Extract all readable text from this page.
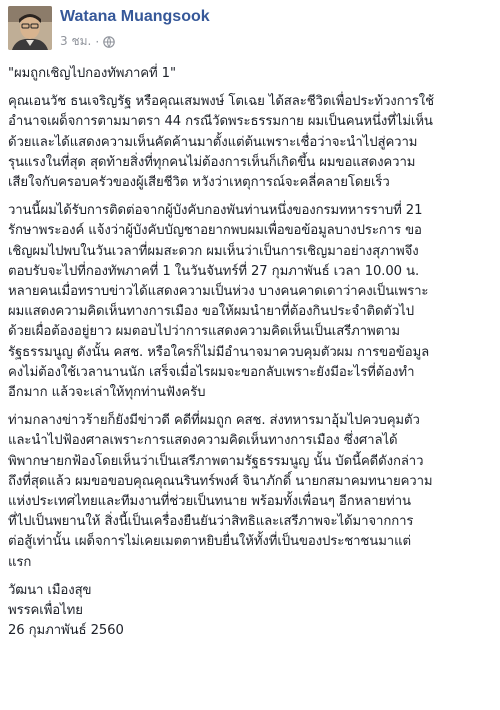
Watana Muangsook
3 ชม. ·

"ผมถูกเชิญไปกองทัพภาคที่ 1"

คุณเอนวัช ธนเจริญรัฐ หรือคุณเสมพงษ์ โตเฉย ได้สละชีวิตเพื่อประท้วงการใช้
อำนาจเผด็จการตามมาตรา 44 กรณีวัดพระธรรมกาย ผมเป็นคนหนึ่งที่ไม่เห็น
ด้วยและได้แสดงความเห็นคัดค้านมาตั้งแต่ต้นเพราะเชื่อว่าจะนำไปสู่ความ
รุนแรงในที่สุด สุดท้ายสิ่งที่ทุกคนไม่ต้องการเห็นก็เกิดขึ้น ผมขอแสดงความ
เสียใจกับครอบครัวของผู้เสียชีวิต หวังว่าเหตุการณ์จะคลี่คลายโดยเร็ว

วานนี้ผมได้รับการติดต่อจากผู้บังคับกองพันท่านหนึ่งของกรมทหารราบที่ 21
รักษาพระองค์ แจ้งว่าผู้บังคับบัญชาอยากพบผมเพื่อขอข้อมูลบางประการ ขอ
เชิญผมไปพบในวันเวลาที่ผมสะดวก ผมเห็นว่าเป็นการเชิญมาอย่างสุภาพจึง
ตอบรับจะไปที่กองทัพภาคที่ 1 ในวันจันทร์ที่ 27 กุมภาพันธ์ เวลา 10.00 น.
หลายคนเมื่อทราบข่าวได้แสดงความเป็นห่วง บางคนคาดเดาว่าคงเป็นเพราะ
ผมแสดงความคิดเห็นทางการเมือง ขอให้ผมนำยาที่ต้องกินประจำติดตัวไป
ด้วยเผื่อต้องอยู่ยาว ผมตอบไปว่าการแสดงความคิดเห็นเป็นเสรีภาพตาม
รัฐธรรมนูญ ดังนั้น คสช. หรือใครก็ไม่มีอำนาจมาควบคุมตัวผม การขอข้อมูล
คงไม่ต้องใช้เวลานานนัก เสร็จเมื่อไรผมจะขอกลับเพราะยังมีอะไรที่ต้องทำ
อีกมาก แล้วจะเล่าให้ทุกท่านฟังครับ

ท่ามกลางข่าวร้ายก็ยังมีข่าวดี คดีที่ผมถูก คสช. ส่งทหารมาอุ้มไปควบคุมตัว
และนำไปฟ้องศาลเพราะการแสดงความคิดเห็นทางการเมือง ซึ่งศาลได้
พิพากษายกฟ้องโดยเห็นว่าเป็นเสรีภาพตามรัฐธรรมนูญ นั้น บัดนี้คดีดังกล่าว
ถึงที่สุดแล้ว ผมขอขอบคุณคุณนรินทร์พงศ์ จินาภักดิ์ นายกสมาคมทนายความ
แห่งประเทศไทยและทีมงานที่ช่วยเป็นทนาย พร้อมทั้งเพื่อนๆ อีกหลายท่าน
ที่ไปเป็นพยานให้ สิ่งนี้เป็นเครื่องยืนยันว่าสิทธิและเสรีภาพจะได้มาจากการ
ต่อสู้เท่านั้น เผด็จการไม่เคยเมตตาหยิบยื่นให้ทั้งที่เป็นของประชาชนมาแต่
แรก

วัฒนา เมืองสุข
พรรคเพื่อไทย
26 กุมภาพันธ์ 2560
